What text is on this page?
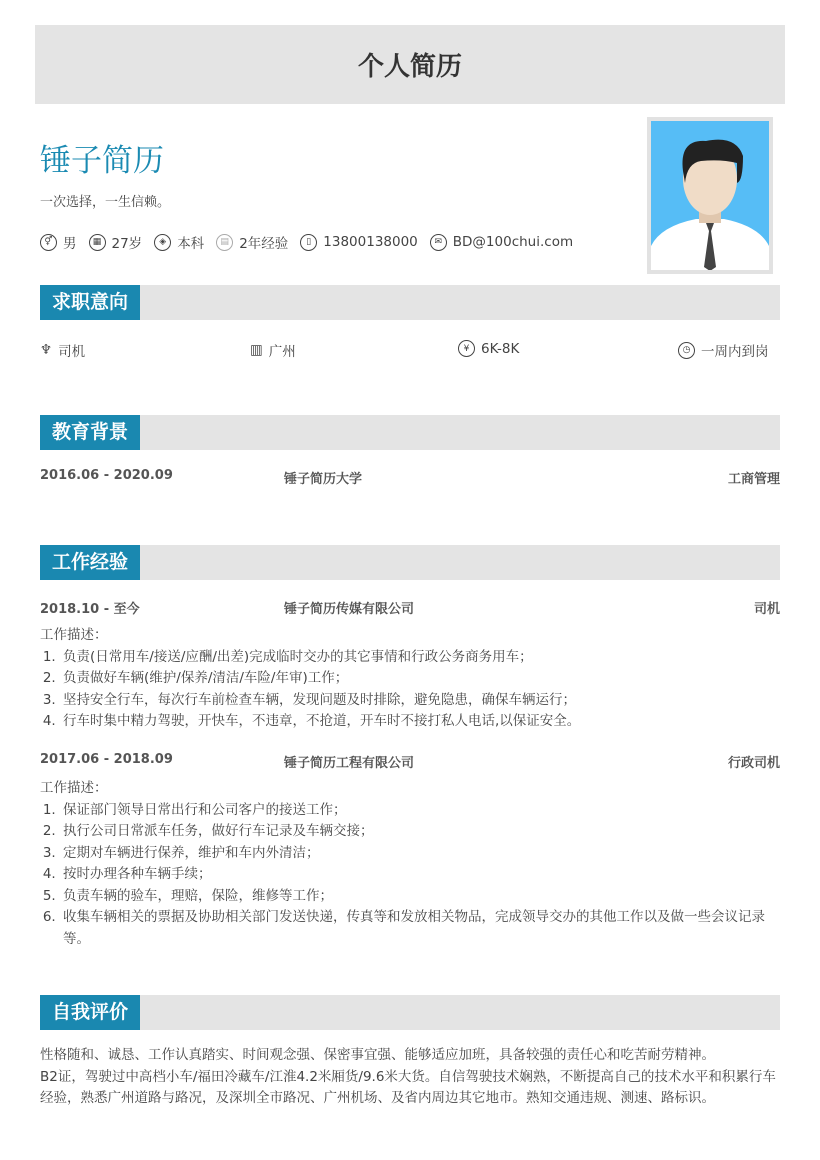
个人简历
锤子简历
一次选择，一生信赖。
⚥ 男	▦ 27岁	◈ 本科	▤ 2年经验	▯ 13800138000	✉ BD@100chui.com
求职意向
♆ 司机	▥ 广州	¥ 6K-8K	◷ 一周内到岗
教育背景
2016.06 - 2020.09	锤子简历大学	工商管理
工作经验
2018.10 - 至今	锤子简历传媒有限公司	司机
工作描述：
1. 负责(日常用车/接送/应酬/出差)完成临时交办的其它事情和行政公务商务用车；
2. 负责做好车辆(维护/保养/清洁/车险/年审)工作；
3. 坚持安全行车，每次行车前检查车辆，发现问题及时排除，避免隐患，确保车辆运行；
4. 行车时集中精力驾驶，开快车，不违章，不抢道，开车时不接打私人电话,以保证安全。
2017.06 - 2018.09	锤子简历工程有限公司	行政司机
工作描述：
1. 保证部门领导日常出行和公司客户的接送工作；
2. 执行公司日常派车任务，做好行车记录及车辆交接；
3. 定期对车辆进行保养，维护和车内外清洁；
4. 按时办理各种车辆手续；
5. 负责车辆的验车，理赔，保险，维修等工作；
6. 收集车辆相关的票据及协助相关部门发送快递，传真等和发放相关物品，完成领导交办的其他工作以及做一些会议记录等。
自我评价
性格随和、诚恳、工作认真踏实、时间观念强、保密事宜强、能够适应加班，具备较强的责任心和吃苦耐劳精神。
B2证，驾驶过中高档小车/福田冷藏车/江淮4.2米厢货/9.6米大货。自信驾驶技术娴熟，不断提高自己的技术水平和积累行车经验，熟悉广州道路与路况，及深圳全市路况、广州机场、及省内周边其它地市。熟知交通违规、测速、路标识。
